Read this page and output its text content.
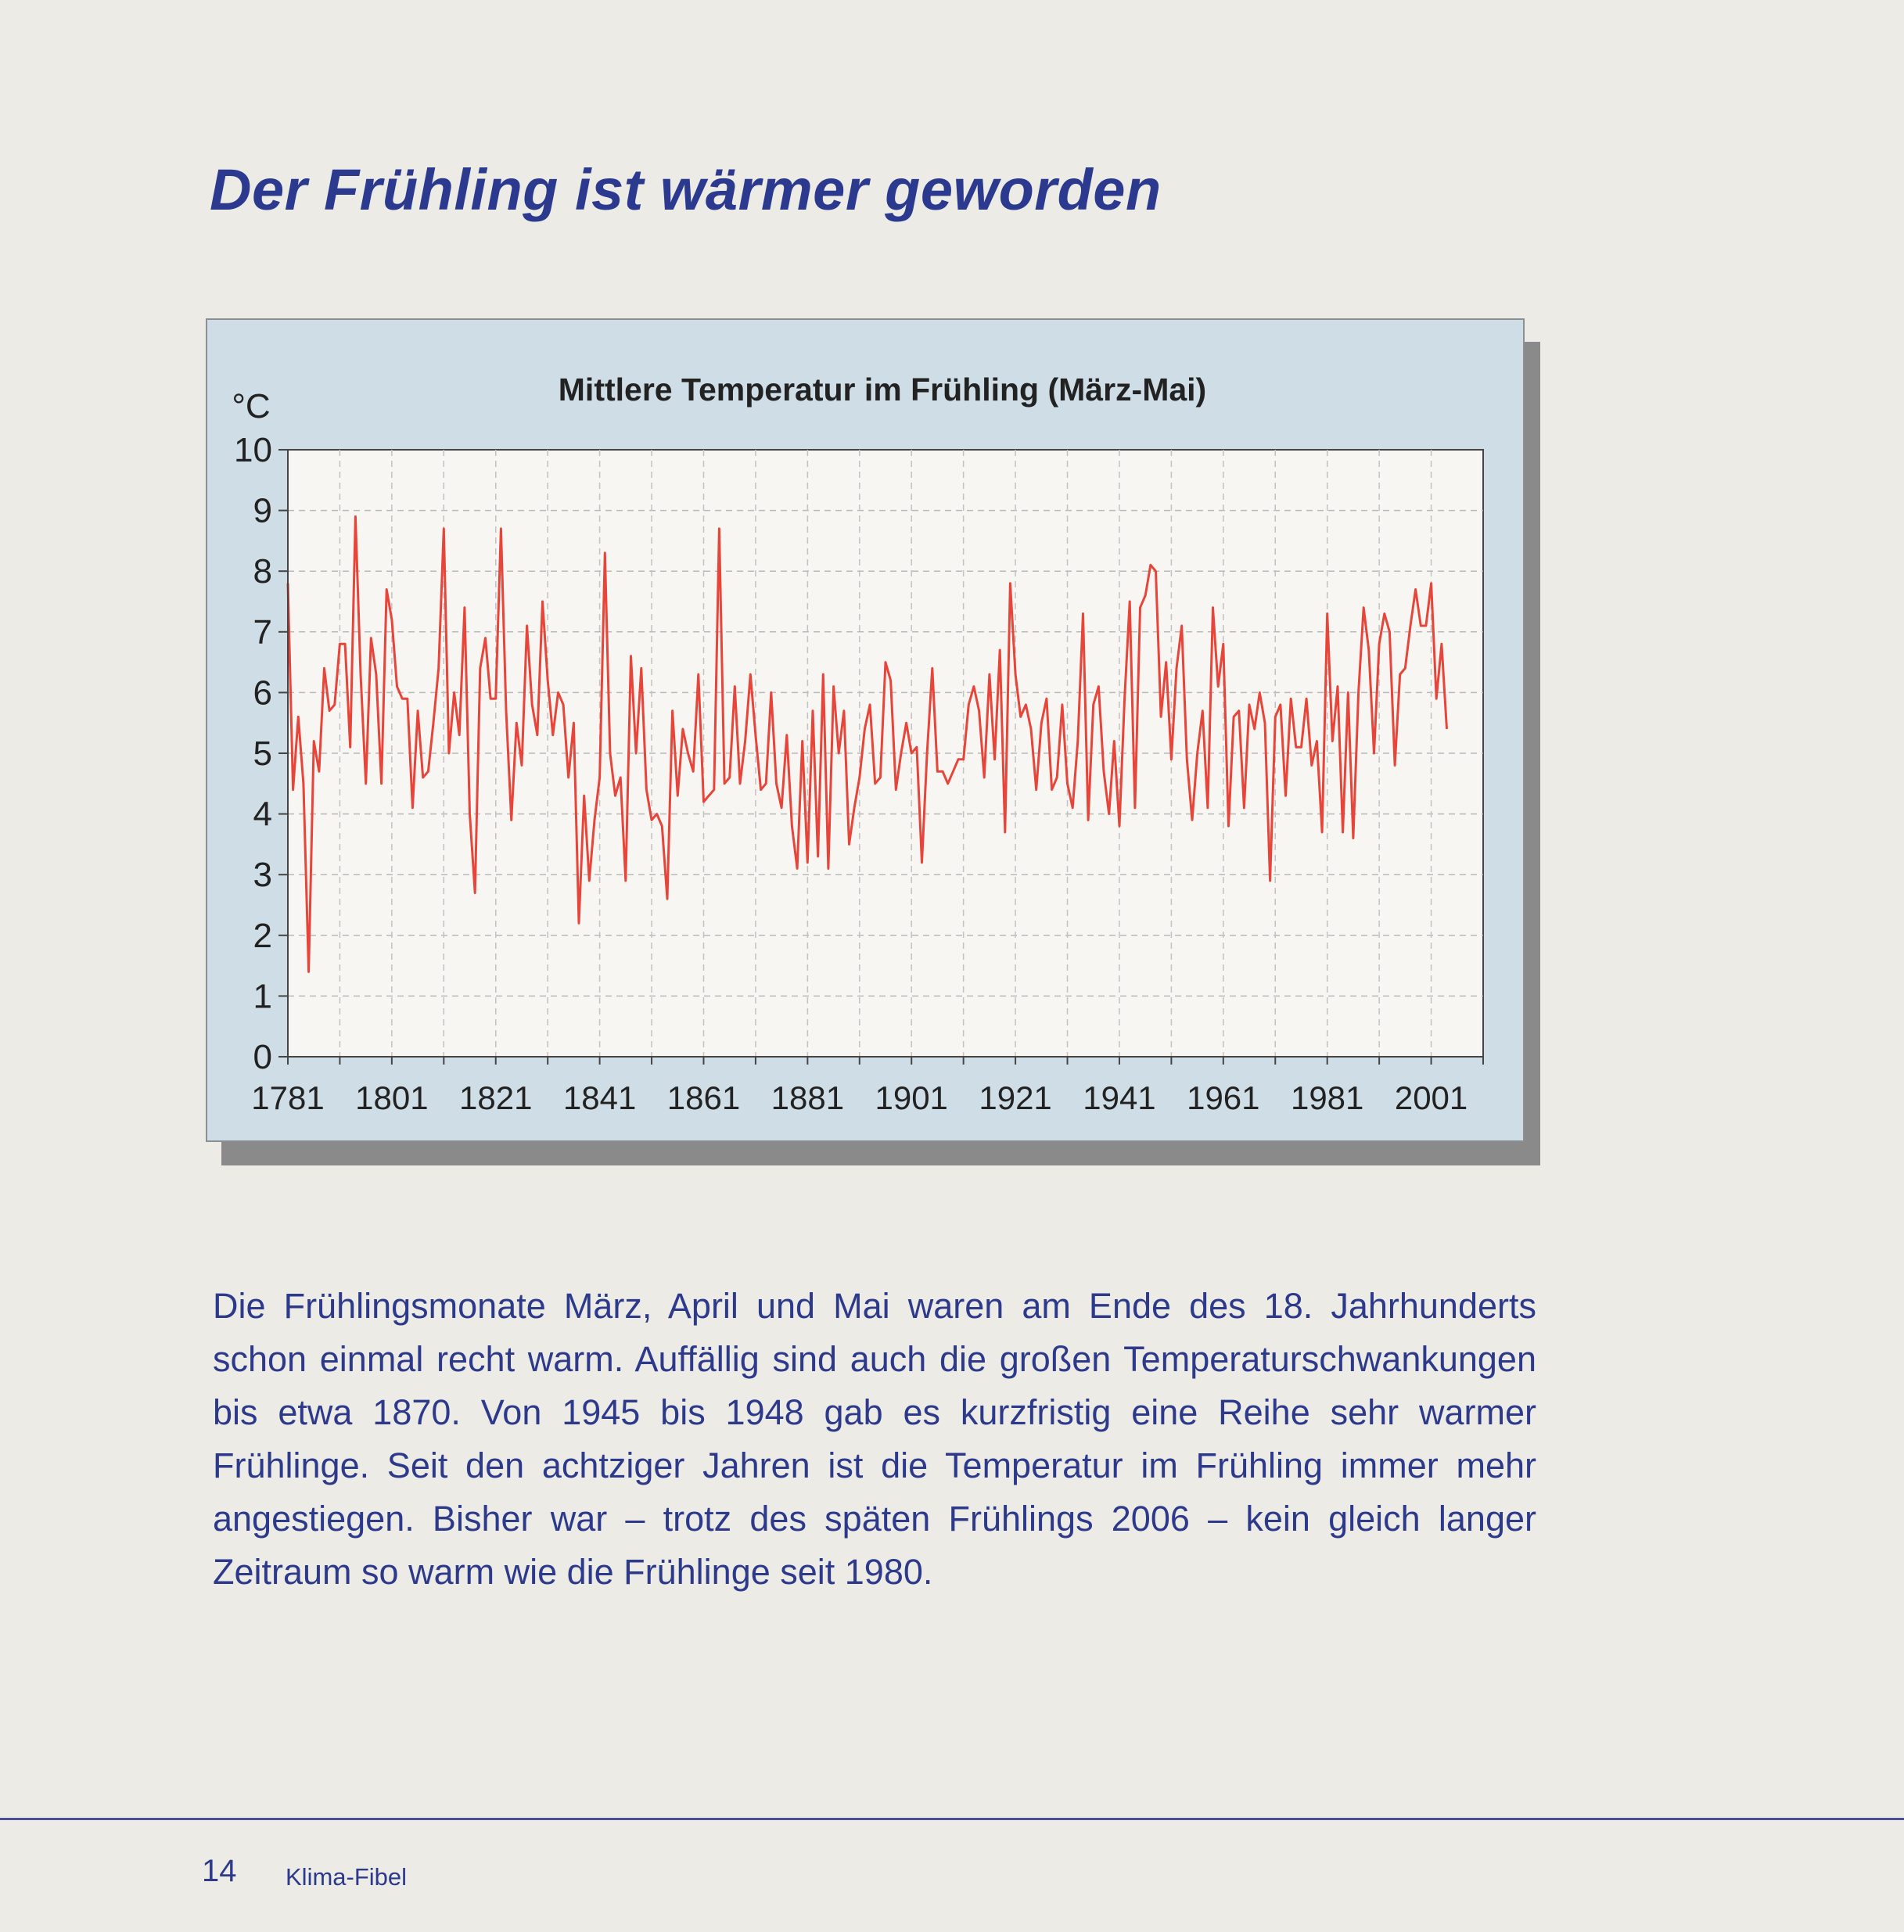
Der Frühling ist wärmer geworden
Mittlere Temperatur im Frühling (März-Mai)
°C
0
1
2
3
4
5
6
7
8
9
10
1781 1801 1821 1841 1861 1881 1901 1921 1941 1961 1981 2001

Die Frühlingsmonate März, April und Mai waren am Ende des 18. Jahrhunderts schon einmal recht warm. Auffällig sind auch die großen Temperaturschwankungen bis etwa 1870. Von 1945 bis 1948 gab es kurzfristig eine Reihe sehr warmer Frühlinge. Seit den achtziger Jahren ist die Temperatur im Frühling immer mehr angestiegen. Bisher war – trotz des späten Frühlings 2006 – kein gleich langer Zeitraum so warm wie die Frühlinge seit 1980.

14 Klima-Fibel
